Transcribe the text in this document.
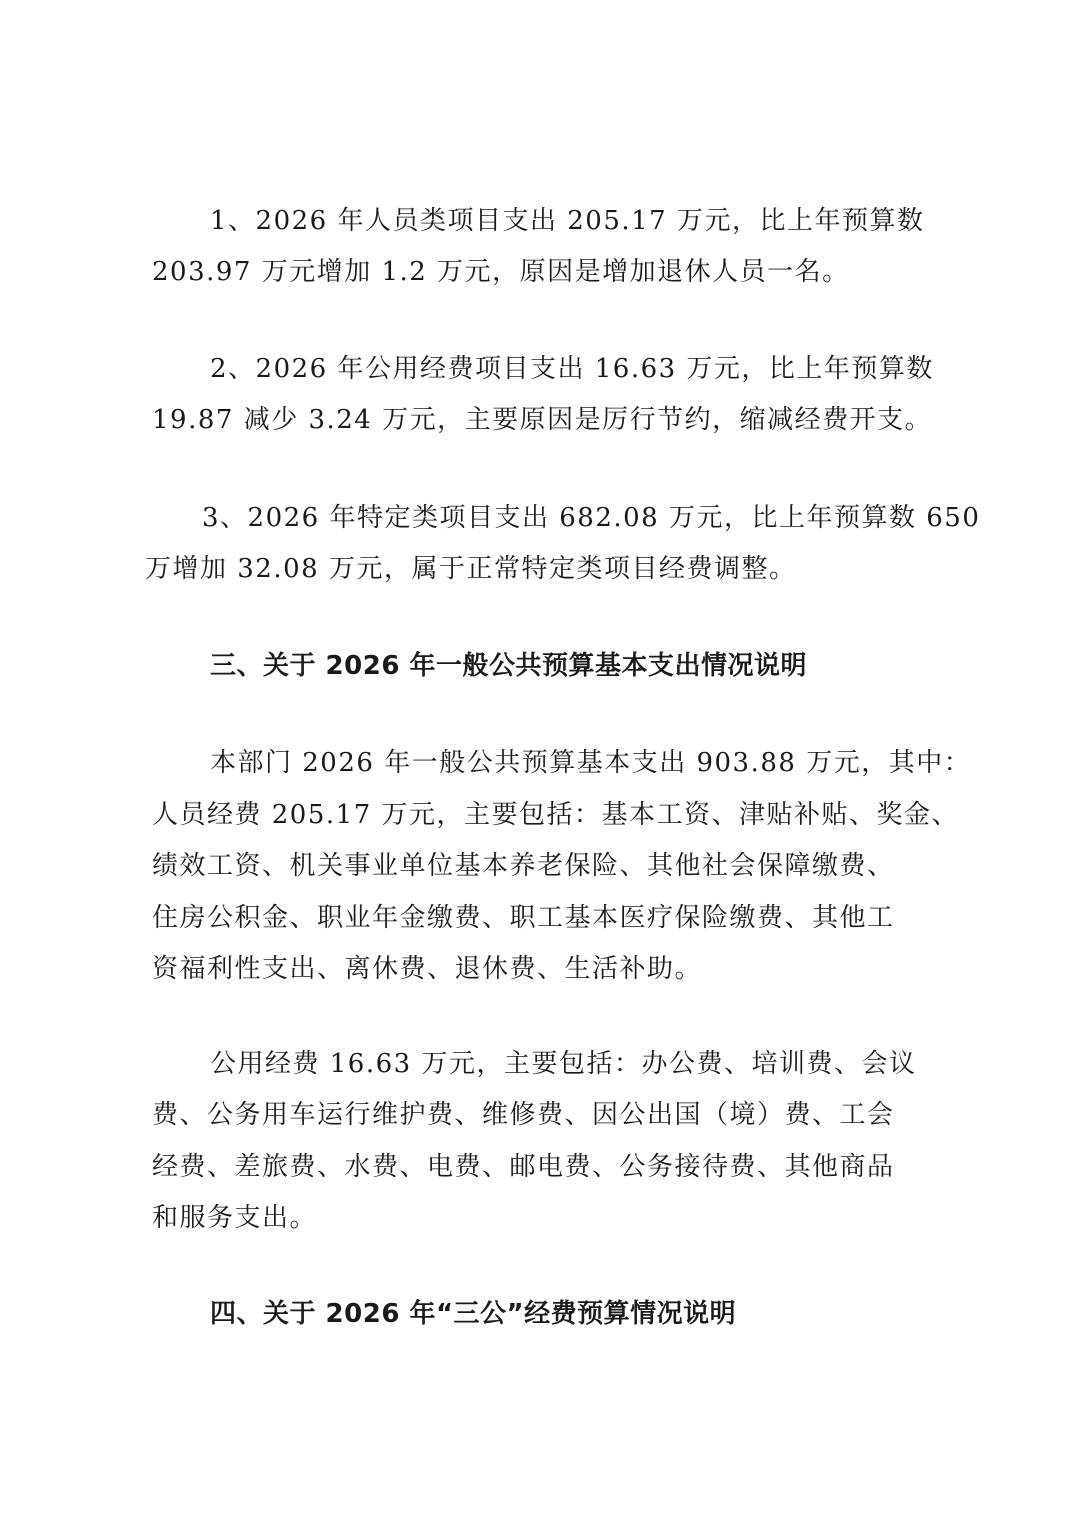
1、2026 年人员类项目支出 205.17 万元，比上年预算数

203.97 万元增加 1.2 万元，原因是增加退休人员一名。

2、2026 年公用经费项目支出 16.63 万元，比上年预算数

19.87 减少 3.24 万元，主要原因是厉行节约，缩减经费开支。

3、2026 年特定类项目支出 682.08 万元，比上年预算数 650

万增加 32.08 万元，属于正常特定类项目经费调整。

三、关于 2026 年一般公共预算基本支出情况说明

本部门 2026 年一般公共预算基本支出 903.88 万元，其中：

人员经费 205.17 万元，主要包括：基本工资、津贴补贴、奖金、

绩效工资、机关事业单位基本养老保险、其他社会保障缴费、

住房公积金、职业年金缴费、职工基本医疗保险缴费、其他工

资福利性支出、离休费、退休费、生活补助。

公用经费 16.63 万元，主要包括：办公费、培训费、会议

费、公务用车运行维护费、维修费、因公出国（境）费、工会

经费、差旅费、水费、电费、邮电费、公务接待费、其他商品

和服务支出。

四、关于 2026 年“三公”经费预算情况说明
